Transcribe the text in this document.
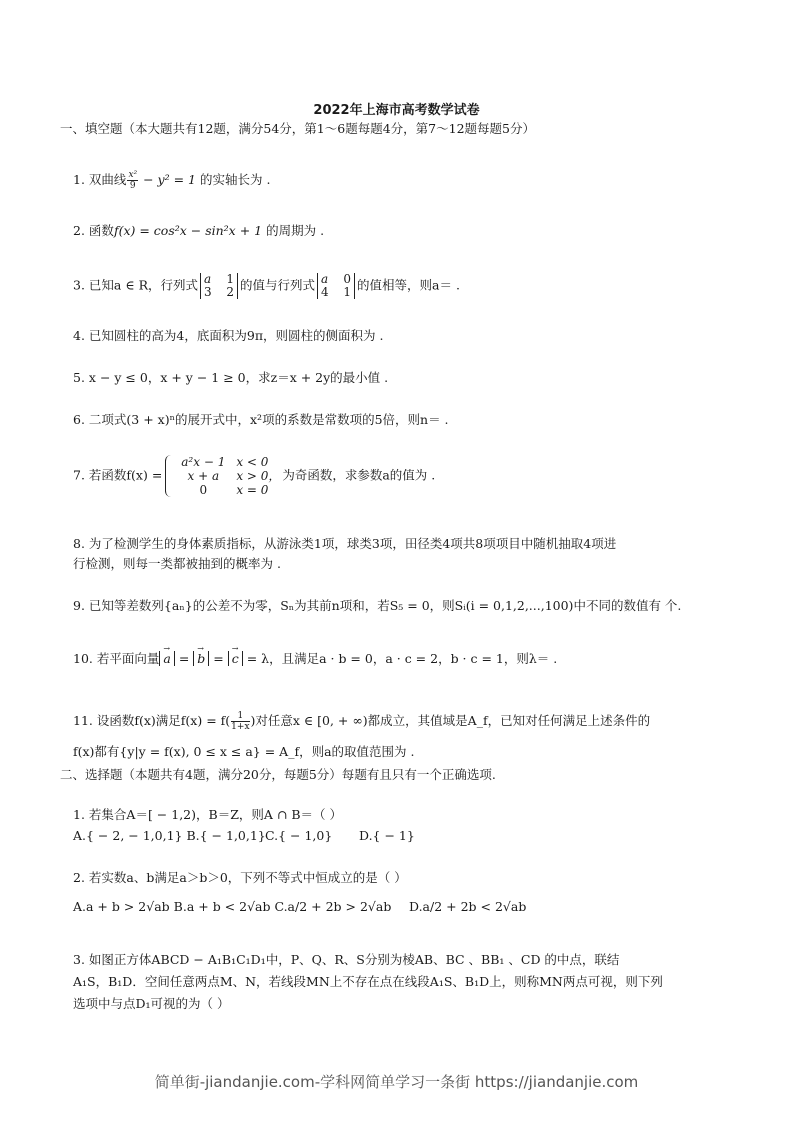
2022年上海市高考数学试卷
一、填空题（本大题共有12题，满分54分，第1～6题每题4分，第7～12题每题5分）
1. 双曲线 $\frac{\text{x²}}{9} - y^2 = 1$ 的实轴长为 .
2. 函数f(x) = cos²x − sin²x + 1 的周期为 .
3. 已知a ∈ R，行列式 a 1
3 2 的值与行列式 a 0
4 1 的值相等，则a＝ .
4. 已知圆柱的高为4，底面积为9π，则圆柱的侧面积为 .
5. x − y ≤ 0，x + y − 1 ≥ 0，求z＝x + 2y的最小值 .
6. 二项式(3 + x)ⁿ的展开式中，x²项的系数是常数项的5倍，则n＝ .
7. 若函数f(x) =
a²x − 1 x < 0
x + a x > 0，
0 x = 0
为奇函数，求参数a的值为 .
8. 为了检测学生的身体素质指标，从游泳类1项，球类3项，田径类4项共8项项目中随机抽取4项进
行检测，则每一类都被抽到的概率为 .
9. 已知等差数列{aₙ}的公差不为零，Sₙ为其前n项和，若S₅ = 0，则Sᵢ(i = 0,1,2,...,100)中不同的数值有 个.
10. 若平面向量 → a = → b = → c = λ，且满足a · b = 0，a · c = 2，b · c = 1，则λ＝ .
11. 设函数f(x)满足$f(x) = f( \frac{1}{1+x}$ )对任意x ∈ [0, + ∞)都成立，其值域是A_f，已知对任何满足上述条件的
f(x)都有{y|y = f(x), 0 ≤ x ≤ a} = A_f，则a的取值范围为 .
二、选择题（本题共有4题，满分20分，每题5分）每题有且只有一个正确选项.
1. 若集合A＝[ − 1,2)，B＝Z，则A ∩ B＝（ ）
A.{ − 2, − 1,0,1} B.{ − 1,0,1} C.{ − 1,0} D.{ − 1}
2. 若实数a、b满足a＞b＞0，下列不等式中恒成立的是（ ）
A.a + b > 2√ab B.a + b < 2√ab C.a/2 + 2b > 2√ab D.a/2 + 2b < 2√ab
3. 如图正方体ABCD − A₁B₁C₁D₁中，P、Q、R、S分别为棱AB、BC 、BB₁ 、CD 的中点，联结
A₁S，B₁D．空间任意两点M、N，若线段MN上不存在点在线段A₁S、B₁D上，则称MN两点可视，则下列
选项中与点D₁可视的为（ ）
简单街-jiandanjie.com-学科网简单学习一条街 https://jiandanjie.com
